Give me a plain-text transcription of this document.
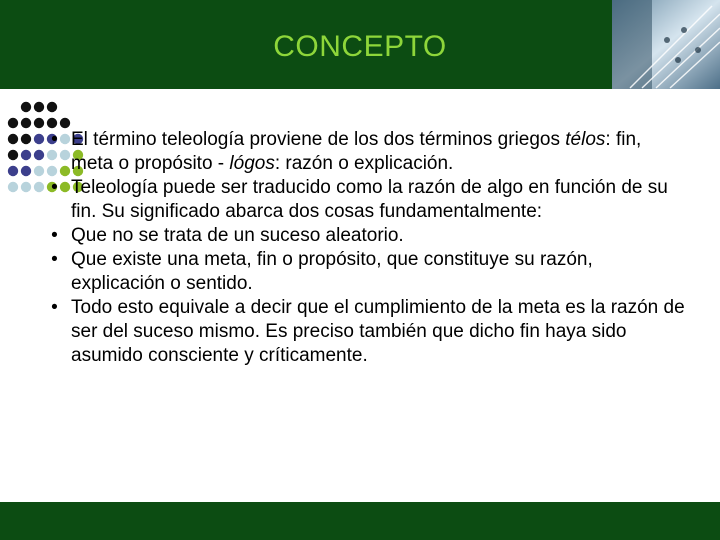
CONCEPTO
• El término teleología proviene de los dos términos griegos télos: fin, meta o propósito - lógos: razón o explicación.
• Teleología puede ser traducido como la razón de algo en función de su fin. Su significado abarca dos cosas fundamentalmente:
• Que no se trata de un suceso aleatorio.
• Que existe una meta, fin o propósito, que constituye su razón, explicación o sentido.
• Todo esto equivale a decir que el cumplimiento de la meta es la razón de ser del suceso mismo. Es preciso también que dicho fin haya sido asumido consciente y críticamente.
